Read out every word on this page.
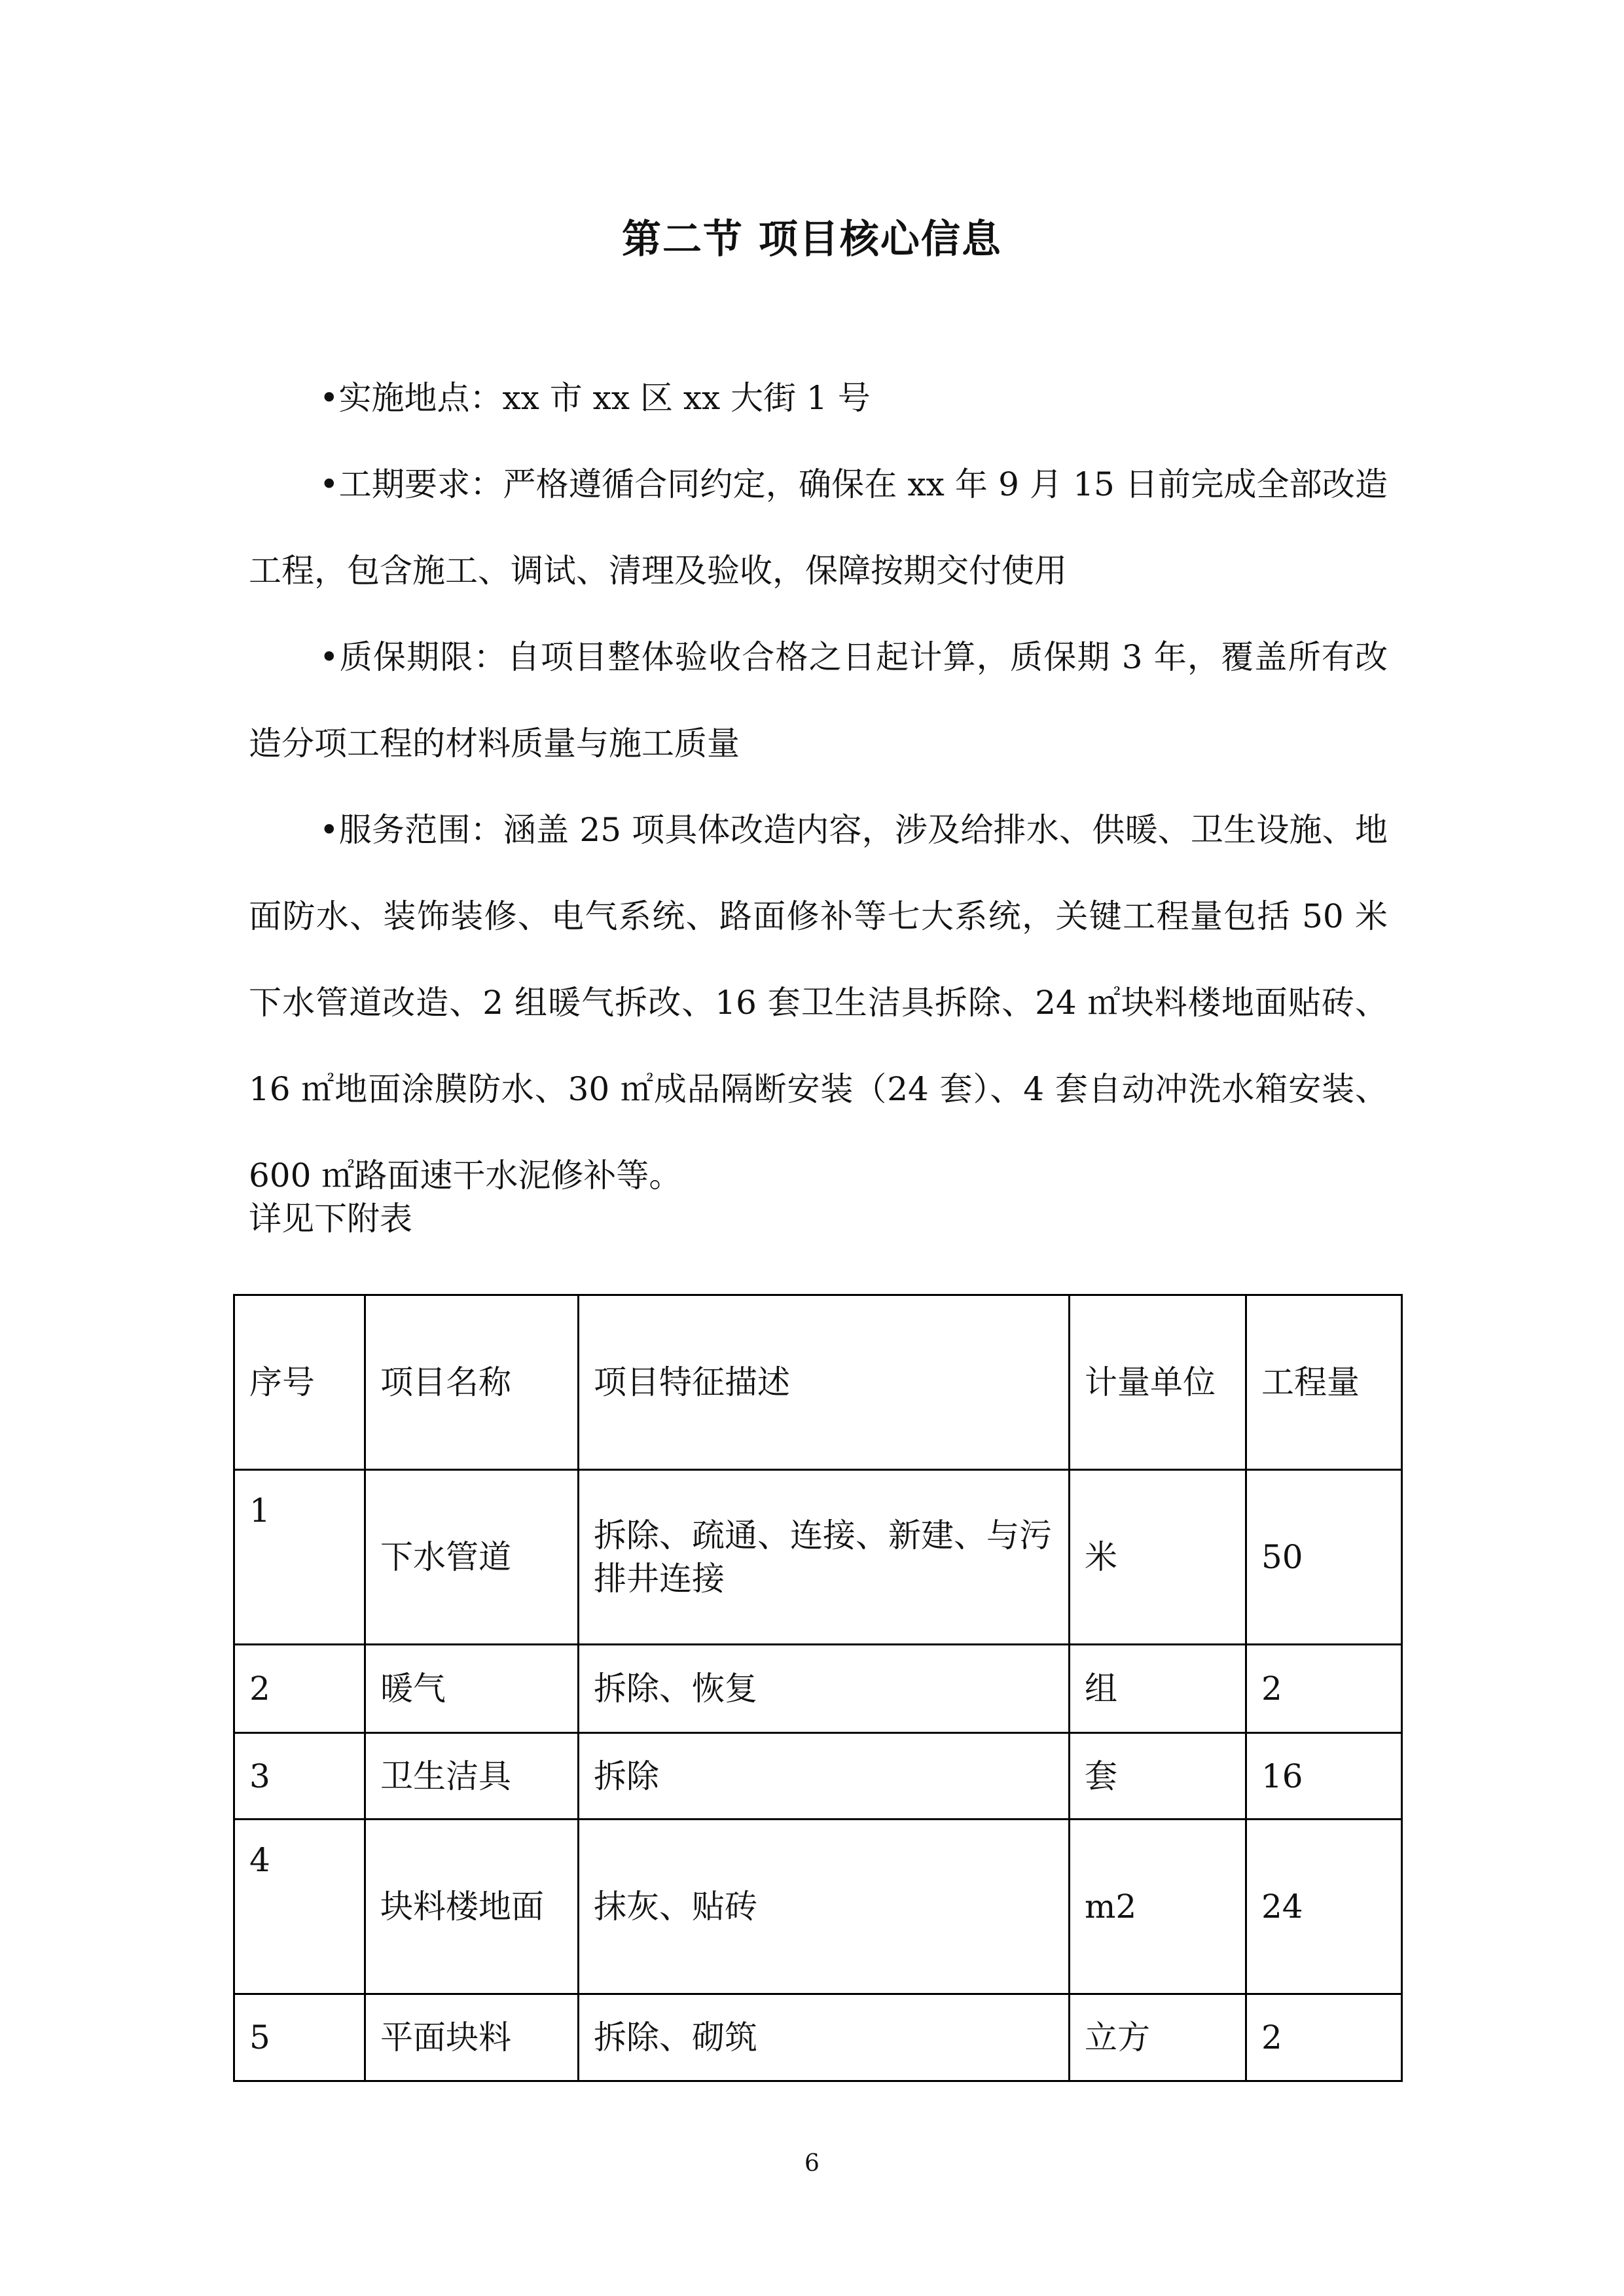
第二节 项目核心信息

•实施地点：xx 市 xx 区 xx 大街 1 号

•工期要求：严格遵循合同约定，确保在 xx 年 9 月 15 日前完成全部改造工程，包含施工、调试、清理及验收，保障按期交付使用

•质保期限：自项目整体验收合格之日起计算，质保期 3 年，覆盖所有改造分项工程的材料质量与施工质量

•服务范围：涵盖 25 项具体改造内容，涉及给排水、供暖、卫生设施、地面防水、装饰装修、电气系统、路面修补等七大系统，关键工程量包括 50 米下水管道改造、2 组暖气拆改、16 套卫生洁具拆除、24 ㎡块料楼地面贴砖、16 ㎡地面涂膜防水、30 ㎡成品隔断安装（24 套）、4 套自动冲洗水箱安装、600 ㎡路面速干水泥修补等。

详见下附表

序号	项目名称	项目特征描述	计量单位	工程量
1	下水管道	拆除、疏通、连接、新建、与污排井连接	米	50
2	暖气	拆除、恢复	组	2
3	卫生洁具	拆除	套	16
4	块料楼地面	抹灰、贴砖	m2	24
5	平面块料	拆除、砌筑	立方	2
6
